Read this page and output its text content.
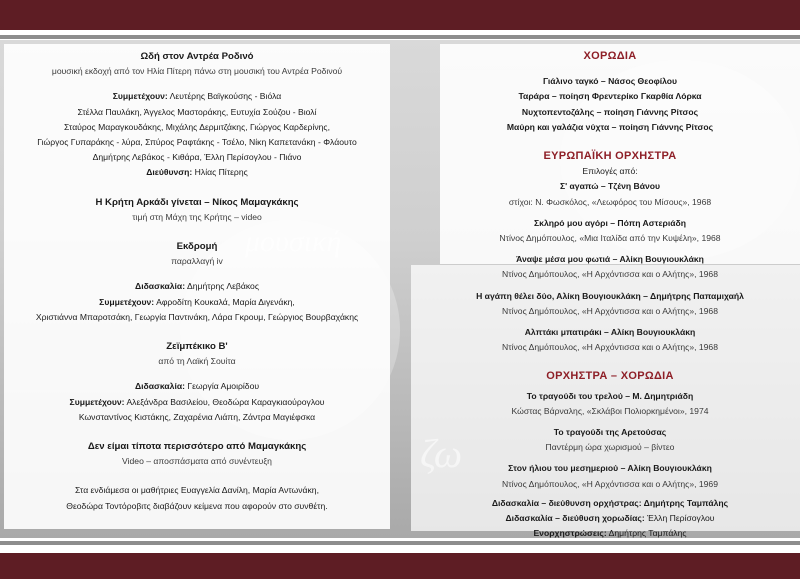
Ωδή στον Αντρέα Ροδινό
μουσική εκδοχή από τον Ηλία Πίτερη πάνω στη μουσική του Αντρέα Ροδινού
Συμμετέχουν: Λευτέρης Βαϊγκούσης - Βιόλα
Στέλλα Παυλάκη, Άγγελος Μαστοράκης, Ευτυχία Σούζου - Βιολί
Σταύρος Μαραγκουδάκης, Μιχάλης Δερμιτζάκης, Γιώργος Καρδερίνης,
Γιώργος Γυπαράκης - λύρα, Σπύρος Ραφτάκης - Τσέλο, Νίκη Καπετανάκη - Φλάουτο
Δημήτρης Λεβάκος - Κιθάρα, Έλλη Περίσογλου - Πιάνο
Διεύθυνση: Ηλίας Πίτερης
Η Κρήτη Αρκάδι γίνεται – Νίκος Μαμαγκάκης
τιμή στη Μάχη της Κρήτης – video
Εκδρομή
παραλλαγή iv
Διδασκαλία: Δημήτρης Λεβάκος
Συμμετέχουν: Αφροδίτη Κουκαλά, Μαρία Διγενάκη,
Χριστιάννα Μπαροτσάκη, Γεωργία Παντινάκη, Λάρα Γκρουμ, Γεώργιος Βουρβαχάκης
Ζεϊμπέκικο Β'
από τη Λαϊκή Σουίτα
Διδασκαλία: Γεωργία Αμοιρίδου
Συμμετέχουν: Αλεξάνδρα Βασιλείου, Θεοδώρα Καραγκιαούρογλου
Κωνσταντίνος Κιστάκης, Ζαχαρένια Λιάπη, Ζάντρα Μαγιέφσκα
Δεν είμαι τίποτα περισσότερο από Μαμαγκάκης
Video – αποσπάσματα από συνέντευξη
Στα ενδιάμεσα οι μαθήτριες Ευαγγελία Δανίλη, Μαρία Αντωνάκη,
Θεοδώρα Τοντόροβιτς διαβάζουν κείμενα που αφορούν στο συνθέτη.
ΧΟΡΩΔΙΑ
Γιάλινο ταγκό – Νάσος Θεοφίλου
Ταράρα – ποίηση Φρεντερίκο Γκαρθία Λόρκα
Νυχτοπεντοζάλης – ποίηση Γιάννης Ρίτσος
Μαύρη και γαλάζια νύχτα – ποίηση Γιάννης Ρίτσος
ΕΥΡΩΠΑΪΚΗ ΟΡΧΗΣΤΡΑ
Επιλογές από:
Σ' αγαπώ – Τζένη Βάνου
στίχοι: Ν. Φωσκόλος, «Λεωφόρος του Μίσους», 1968
Σκληρό μου αγόρι – Πόπη Αστεριάδη
Ντίνος Δημόπουλος, «Μια Ιταλίδα από την Κυψέλη», 1968
Άναψε μέσα μου φωτιά – Αλίκη Βουγιουκλάκη
Ντίνος Δημόπουλος, «Η Αρχόντισσα και ο Αλήτης», 1968
Η αγάπη θέλει δύο, Αλίκη Βουγιουκλάκη – Δημήτρης Παπαμιχαήλ
Ντίνος Δημόπουλος, «Η Αρχόντισσα και ο Αλήτης», 1968
Αλπτάκι μπατιράκι – Αλίκη Βουγιουκλάκη
Ντίνος Δημόπουλος, «Η Αρχόντισσα και ο Αλήτης», 1968
ΟΡΧΗΣΤΡΑ – ΧΟΡΩΔΙΑ
Το τραγούδι του τρελού – Μ. Δημητριάδη
Κώστας Βάρναλης, «Σκλάβοι Πολιορκημένοι», 1974
Το τραγούδι της Αρετούσας
Παντέρμη ώρα χωρισμού – βίντεο
Στον ήλιου του μεσημεριού – Αλίκη Βουγιουκλάκη
Ντίνος Δημόπουλος, «Η Αρχόντισσα και ο Αλήτης», 1969
Διδασκαλία – διεύθυνση ορχήστρας: Δημήτρης Ταμπάλης
Διδασκαλία – διεύθυση χορωδίας: Έλλη Περίσογλου
Ενορχηστρώσεις: Δημήτρης Ταμπάλης
